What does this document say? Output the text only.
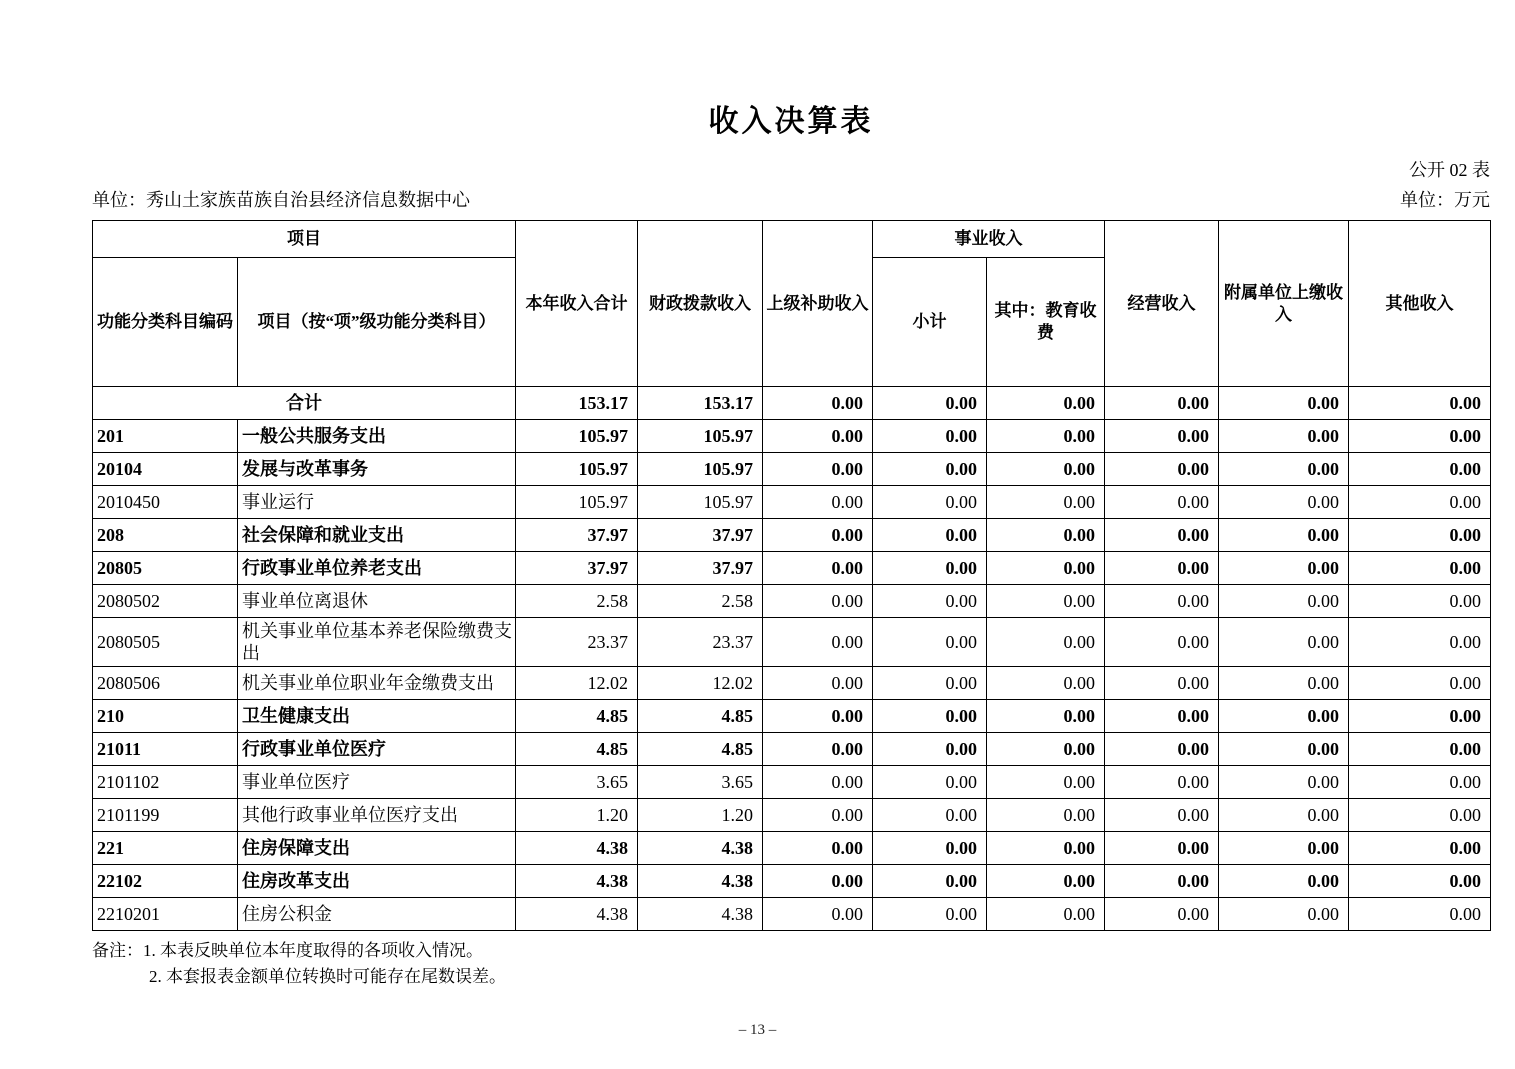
收入决算表
公开 02 表
单位：秀山土家族苗族自治县经济信息数据中心	单位：万元
项目		本年收入合计	财政拨款收入	上级补助收入	事业收入		经营收入	附属单位上缴收入	其他收入
功能分类科目编码	项目（按“项”级功能分类科目）				小计	其中：教育收费			
合计		153.17	153.17	0.00	0.00	0.00	0.00	0.00	0.00
201	一般公共服务支出	105.97	105.97	0.00	0.00	0.00	0.00	0.00	0.00
20104	发展与改革事务	105.97	105.97	0.00	0.00	0.00	0.00	0.00	0.00
2010450	事业运行	105.97	105.97	0.00	0.00	0.00	0.00	0.00	0.00
208	社会保障和就业支出	37.97	37.97	0.00	0.00	0.00	0.00	0.00	0.00
20805	行政事业单位养老支出	37.97	37.97	0.00	0.00	0.00	0.00	0.00	0.00
2080502	事业单位离退休	2.58	2.58	0.00	0.00	0.00	0.00	0.00	0.00
2080505	机关事业单位基本养老保险缴费支出	23.37	23.37	0.00	0.00	0.00	0.00	0.00	0.00
2080506	机关事业单位职业年金缴费支出	12.02	12.02	0.00	0.00	0.00	0.00	0.00	0.00
210	卫生健康支出	4.85	4.85	0.00	0.00	0.00	0.00	0.00	0.00
21011	行政事业单位医疗	4.85	4.85	0.00	0.00	0.00	0.00	0.00	0.00
2101102	事业单位医疗	3.65	3.65	0.00	0.00	0.00	0.00	0.00	0.00
2101199	其他行政事业单位医疗支出	1.20	1.20	0.00	0.00	0.00	0.00	0.00	0.00
221	住房保障支出	4.38	4.38	0.00	0.00	0.00	0.00	0.00	0.00
22102	住房改革支出	4.38	4.38	0.00	0.00	0.00	0.00	0.00	0.00
2210201	住房公积金	4.38	4.38	0.00	0.00	0.00	0.00	0.00	0.00
备注：1. 本表反映单位本年度取得的各项收入情况。
2. 本套报表金额单位转换时可能存在尾数误差。
– 13 –
